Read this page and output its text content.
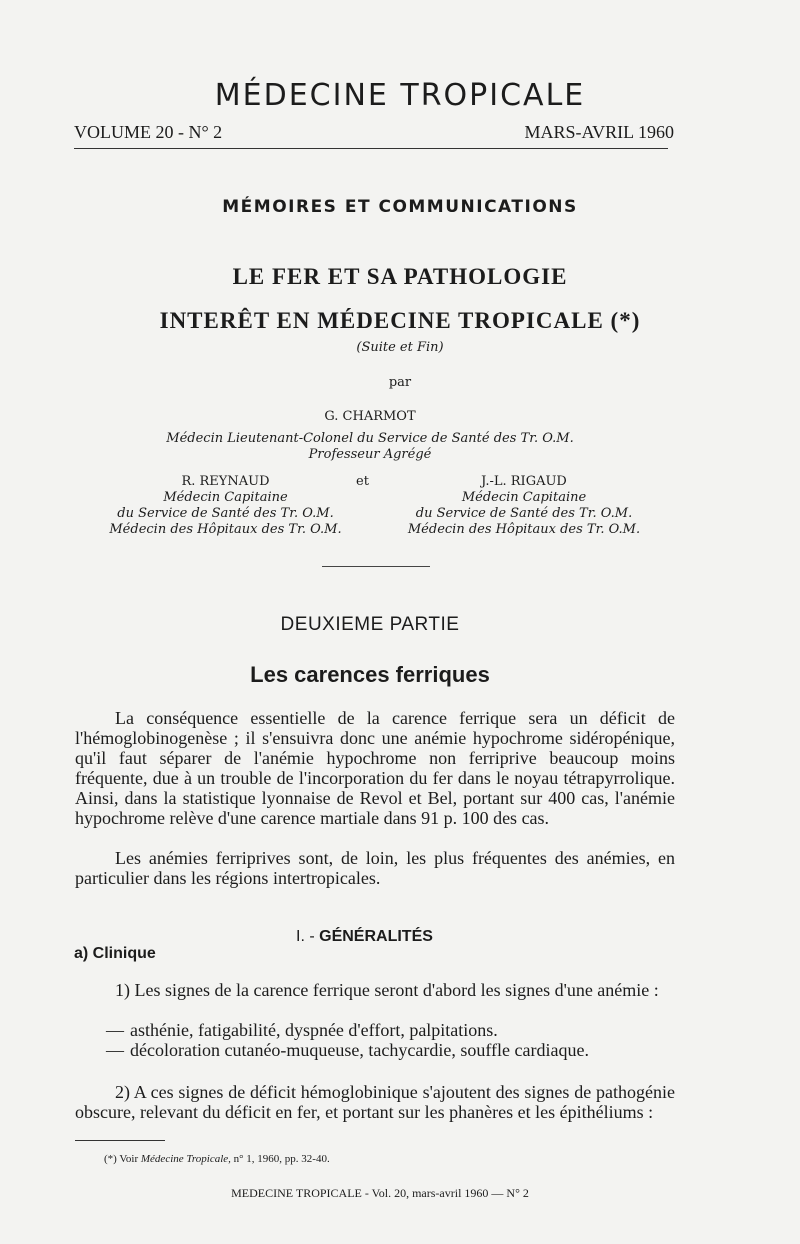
MÉDECINE TROPICALE
VOLUME 20 - N° 2	MARS-AVRIL 1960
MÉMOIRES ET COMMUNICATIONS
LE FER ET SA PATHOLOGIE
INTERÊT EN MÉDECINE TROPICALE (*)
(Suite et Fin)
par
G. CHARMOT
Médecin Lieutenant-Colonel du Service de Santé des Tr. O.M.
Professeur Agrégé
R. REYNAUD
Médecin Capitaine
du Service de Santé des Tr. O.M.
Médecin des Hôpitaux des Tr. O.M.
et	J.-L. RIGAUD
Médecin Capitaine
du Service de Santé des Tr. O.M.
Médecin des Hôpitaux des Tr. O.M.
DEUXIEME PARTIE
Les carences ferriques
La conséquence essentielle de la carence ferrique sera un déficit de l'hémoglobinogenèse ; il s'ensuivra donc une anémie hypochrome sidéropénique, qu'il faut séparer de l'anémie hypochrome non ferriprive beaucoup moins fréquente, due à un trouble de l'incorporation du fer dans le noyau tétrapyrrolique. Ainsi, dans la statistique lyonnaise de Revol et Bel, portant sur 400 cas, l'anémie hypochrome relève d'une carence martiale dans 91 p. 100 des cas.
Les anémies ferriprives sont, de loin, les plus fréquentes des anémies, en particulier dans les régions intertropicales.
I. - GÉNÉRALITÉS
a) Clinique
1) Les signes de la carence ferrique seront d'abord les signes d'une anémie :
— asthénie, fatigabilité, dyspnée d'effort, palpitations.
— décoloration cutanéo-muqueuse, tachycardie, souffle cardiaque.
2) A ces signes de déficit hémoglobinique s'ajoutent des signes de pathogénie obscure, relevant du déficit en fer, et portant sur les phanères et les épithéliums :
(*) Voir Médecine Tropicale, n° 1, 1960, pp. 32-40.
MEDECINE TROPICALE - Vol. 20, mars-avril 1960 — N° 2
